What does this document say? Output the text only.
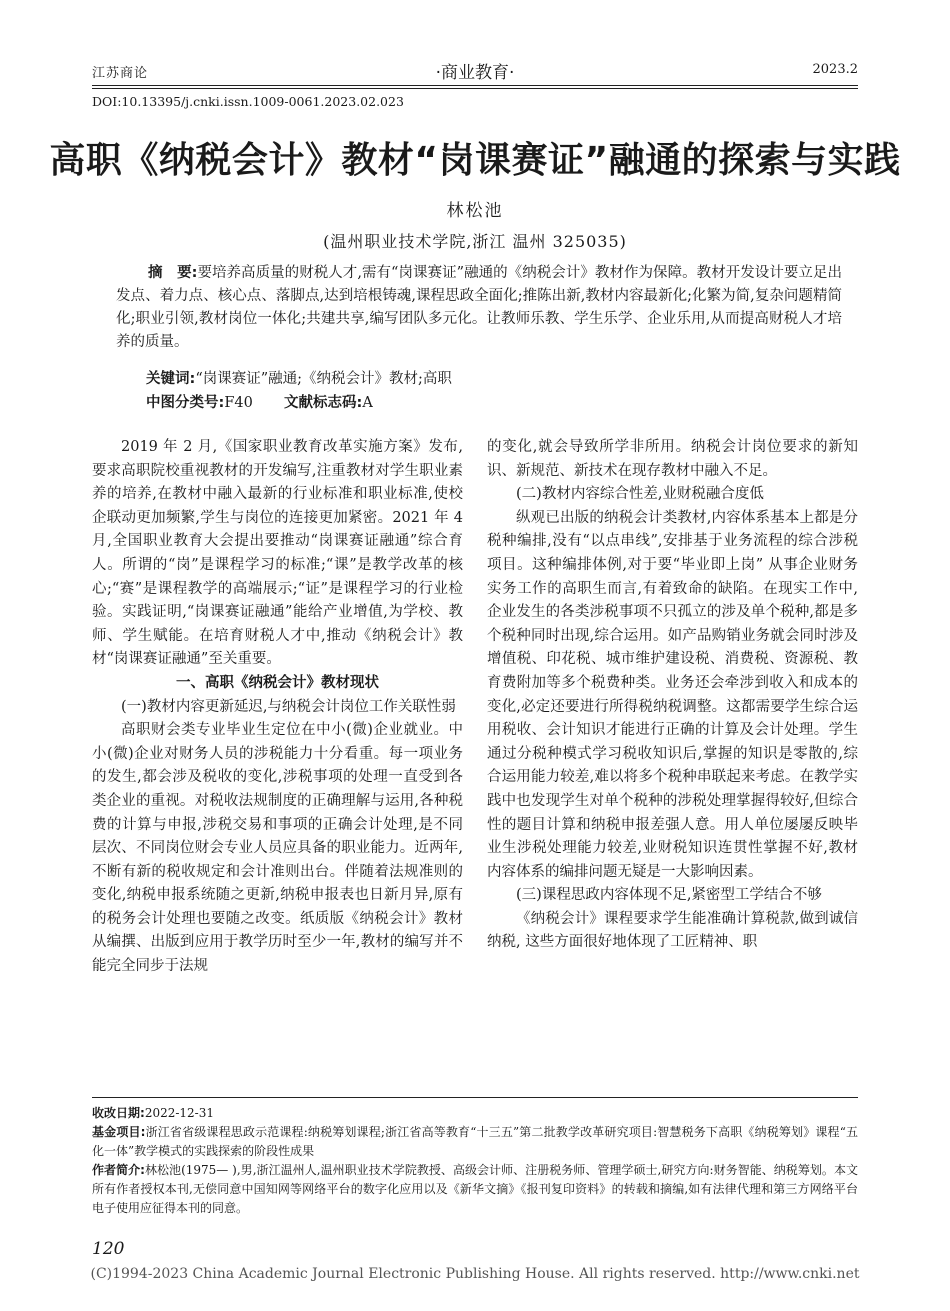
江苏商论	·商业教育·	2023.2
DOI:10.13395/j.cnki.issn.1009-0061.2023.02.023
高职《纳税会计》教材“岗课赛证”融通的探索与实践
林松池
(温州职业技术学院,浙江 温州 325035)
摘　要:要培养高质量的财税人才,需有“岗课赛证”融通的《纳税会计》教材作为保障。教材开发设计要立足出发点、着力点、核心点、落脚点,达到培根铸魂,课程思政全面化;推陈出新,教材内容最新化;化繁为简,复杂问题精简化;职业引领,教材岗位一体化;共建共享,编写团队多元化。让教师乐教、学生乐学、企业乐用,从而提高财税人才培养的质量。
关键词:“岗课赛证”融通;《纳税会计》教材;高职
中图分类号:F40 文献标志码:A

2019 年 2 月,《国家职业教育改革实施方案》发布,要求高职院校重视教材的开发编写,注重教材对学生职业素养的培养,在教材中融入最新的行业标准和职业标准,使校企联动更加频繁,学生与岗位的连接更加紧密。2021 年 4 月,全国职业教育大会提出要推动“岗课赛证融通”综合育人。所谓的“岗”是课程学习的标准;“课”是教学改革的核心;“赛”是课程教学的高端展示;“证”是课程学习的行业检验。实践证明,“岗课赛证融通”能给产业增值,为学校、教师、学生赋能。在培育财税人才中,推动《纳税会计》教材“岗课赛证融通”至关重要。

一、高职《纳税会计》教材现状

(一)教材内容更新延迟,与纳税会计岗位工作关联性弱

高职财会类专业毕业生定位在中小(微)企业就业。中小(微)企业对财务人员的涉税能力十分看重。每一项业务的发生,都会涉及税收的变化,涉税事项的处理一直受到各类企业的重视。对税收法规制度的正确理解与运用,各种税费的计算与申报,涉税交易和事项的正确会计处理,是不同层次、不同岗位财会专业人员应具备的职业能力。近两年,不断有新的税收规定和会计准则出台。伴随着法规准则的变化,纳税申报系统随之更新,纳税申报表也日新月异,原有的税务会计处理也要随之改变。纸质版《纳税会计》教材从编撰、出版到应用于教学历时至少一年,教材的编写并不能完全同步于法规

的变化,就会导致所学非所用。纳税会计岗位要求的新知识、新规范、新技术在现存教材中融入不足。

(二)教材内容综合性差,业财税融合度低

纵观已出版的纳税会计类教材,内容体系基本上都是分税种编排,没有“以点串线”,安排基于业务流程的综合涉税项目。这种编排体例,对于要“毕业即上岗” 从事企业财务实务工作的高职生而言,有着致命的缺陷。在现实工作中,企业发生的各类涉税事项不只孤立的涉及单个税种,都是多个税种同时出现,综合运用。如产品购销业务就会同时涉及增值税、印花税、城市维护建设税、消费税、资源税、教育费附加等多个税费种类。业务还会牵涉到收入和成本的变化,必定还要进行所得税纳税调整。这都需要学生综合运用税收、会计知识才能进行正确的计算及会计处理。学生通过分税种模式学习税收知识后,掌握的知识是零散的,综合运用能力较差,难以将多个税种串联起来考虑。在教学实践中也发现学生对单个税种的涉税处理掌握得较好,但综合性的题目计算和纳税申报差强人意。用人单位屡屡反映毕业生涉税处理能力较差,业财税知识连贯性掌握不好,教材内容体系的编排问题无疑是一大影响因素。

(三)课程思政内容体现不足,紧密型工学结合不够

《纳税会计》课程要求学生能准确计算税款,做到诚信纳税, 这些方面很好地体现了工匠精神、职

收改日期:2022-12-31

基金项目:浙江省省级课程思政示范课程:纳税筹划课程;浙江省高等教育“十三五”第二批教学改革研究项目:智慧税务下高职《纳税筹划》课程“五化一体”教学模式的实践探索的阶段性成果

作者简介:林松池(1975— ),男,浙江温州人,温州职业技术学院教授、高级会计师、注册税务师、管理学硕士,研究方向:财务智能、纳税筹划。本文所有作者授权本刊,无偿同意中国知网等网络平台的数字化应用以及《新华文摘》《报刊复印资料》的转载和摘编,如有法律代理和第三方网络平台电子使用应征得本刊的同意。

120
(C)1994-2023 China Academic Journal Electronic Publishing House. All rights reserved. http://www.cnki.net
